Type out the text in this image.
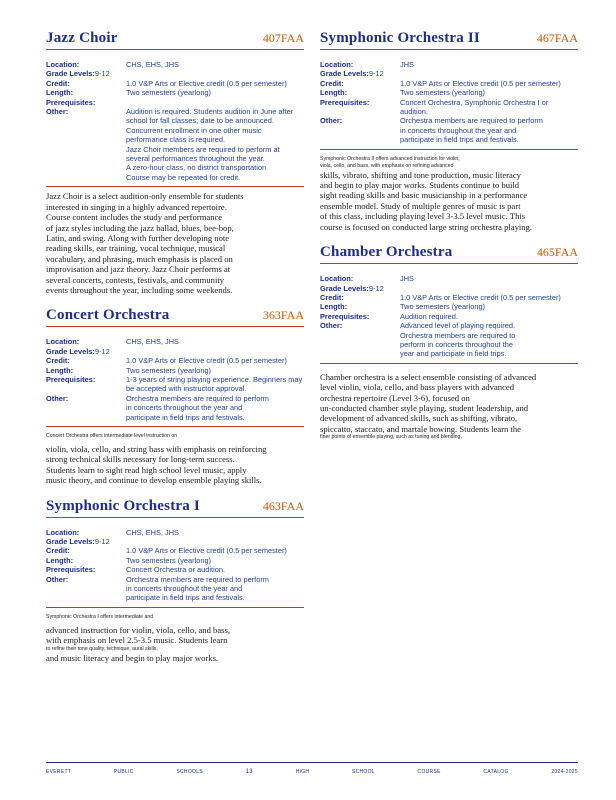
Jazz Choir	407FAA
Location:	CHS, EHS, JHS
Grade Levels: 9-12
Credit:	1.0 V&P Arts or Elective credit (0.5 per semester)
Length:	Two semesters (yearlong)
Prerequisites:
Other:	Audition is required. Students audition in June after
school for fall classes; date to be announced.
Concurrent enrollment in one other music
performance class is required.
Jazz Choir members are required to perform at
several performances throughout the year.
A zero-hour class, no district transportation
Course may be repeated for credit.
Jazz Choir is a select audition-only ensemble for students
interested in singing in a highly advanced repertoire.
Course content includes the study and performance
of jazz styles including the jazz ballad, blues, bee-bop,
Latin, and swing. Along with further developing note
reading skills, ear training, vocal technique, musical
vocabulary, and phrasing, much emphasis is placed on
improvisation and jazz theory. Jazz Choir performs at
several concerts, contests, festivals, and community
events throughout the year, including some weekends.
Concert Orchestra	363FAA
Location:	CHS, EHS, JHS
Grade Levels: 9-12
Credit:	1.0 V&P Arts or Elective credit (0.5 per semester)
Length:	Two semesters (yearlong)
Prerequisites:	1-3 years of string playing experience. Beginners may be accepted with instructor approval.
Other:	Orchestra members are required to perform
in concerts throughout the year and
participate in field trips and festivals.
Concert Orchestra offers intermediate level instruction on
violin, viola, cello, and string bass with emphasis on reinforcing
strong technical skills necessary for long-term success.
Students learn to sight read high school level music, apply
music theory, and continue to develop ensemble playing skills.
Symphonic Orchestra I	463FAA
Location:	CHS, EHS, JHS
Grade Levels: 9-12
Credit:	1.0 V&P Arts or Elective credit (0.5 per semester)
Length:	Two semesters (yearlong)
Prerequisites:	Concert Orchestra or audition.
Other:	Orchestra members are required to perform
in concerts throughout the year and
participate in field trips and festivals.
Symphonic Orchestra I offers intermediate and
advanced instruction for violin, viola, cello, and bass,
with emphasis on level 2.5-3.5 music. Students learn
to refine their tone quality, technique, aural skills,
and music literacy and begin to play major works.
Symphonic Orchestra II	467FAA
Location:	JHS
Grade Levels: 9-12
Credit:	1.0 V&P Arts or Elective credit (0.5 per semester)
Length:	Two semesters (yearlong)
Prerequisites:	Concert Orchestra, Symphonic Orchestra I or audition.
Other:	Orchestra members are required to perform
in concerts throughout the year and
participate in field trips and festivals.
Symphonic Orchestra II offers advanced instruction for violin,
viola, cello, and bass, with emphasis on refining advanced
skills, vibrato, shifting and tone production, music literacy
and begin to play major works. Students continue to build
sight reading skills and basic musicianship in a performance
ensemble model. Study of multiple genres of music is part
of this class, including playing level 3-3.5 level music. This
course is focused on conducted large string orchestra playing.
Chamber Orchestra	465FAA
Location:	JHS
Grade Levels: 9-12
Credit:	1.0 V&P Arts or Elective credit (0.5 per semester)
Length:	Two semesters (yearlong)
Prerequisites:	Audition required.
Other:	Advanced level of playing required.
Orchestra members are required to
perform in concerts throughout the
year and participate in field trips.
Chamber orchestra is a select ensemble consisting of advanced
level violin, viola, cello, and bass players with advanced
orchestra repertoire (Level 3-6), focused on
un-conducted chamber style playing, student leadership, and
development of advanced skills, such as shifting, vibrato,
spiccatto, staccato, and martale bowing. Students learn the
finer points of ensemble playing, such as tuning and blending.
EVERETT	PUBLIC	SCHOOLS	13	HIGH	SCHOOL	COURSE	CATALOG	2024-2025
